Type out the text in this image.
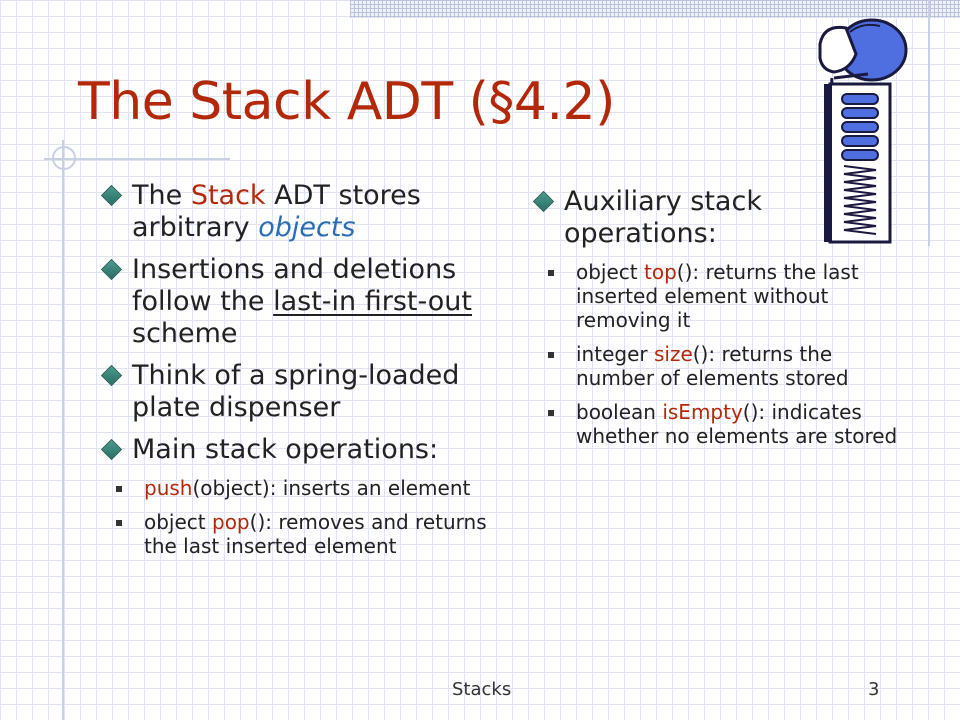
The Stack ADT (§4.2)
The Stack ADT stores arbitrary objects
Insertions and deletions follow the last-in first-out scheme
Think of a spring-loaded plate dispenser
Main stack operations:
push(object): inserts an element
object pop(): removes and returns the last inserted element
Auxiliary stack operations:
object top(): returns the last inserted element without removing it
integer size(): returns the number of elements stored
boolean isEmpty(): indicates whether no elements are stored
Stacks	3
